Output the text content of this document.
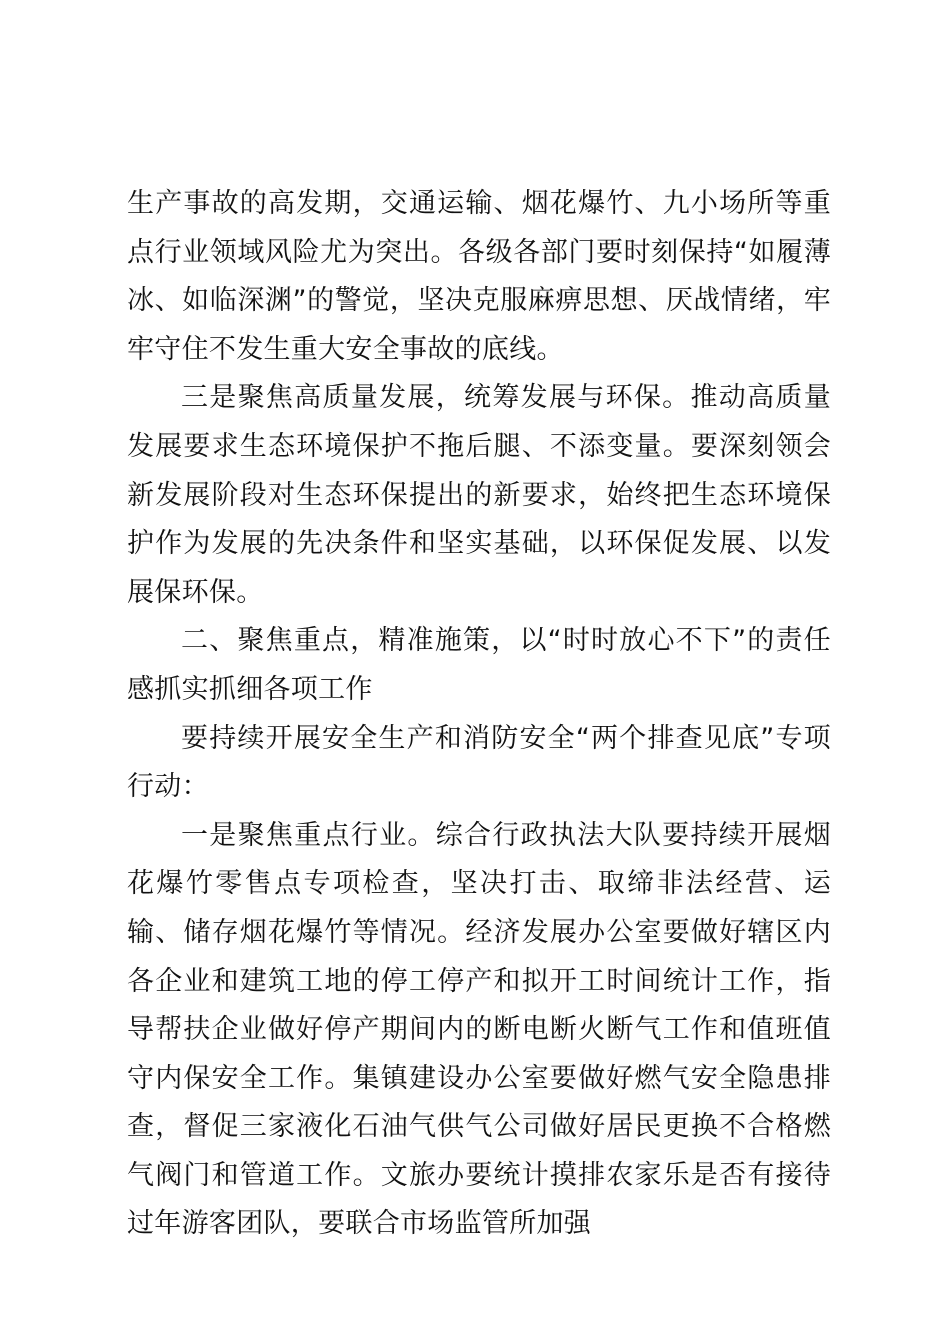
生产事故的高发期，交通运输、烟花爆竹、九小场所等重点行业领域风险尤为突出。各级各部门要时刻保持“如履薄冰、如临深渊”的警觉，坚决克服麻痹思想、厌战情绪，牢牢守住不发生重大安全事故的底线。

三是聚焦高质量发展，统筹发展与环保。推动高质量发展要求生态环境保护不拖后腿、不添变量。要深刻领会新发展阶段对生态环保提出的新要求，始终把生态环境保护作为发展的先决条件和坚实基础，以环保促发展、以发展保环保。

二、聚焦重点，精准施策，以“时时放心不下”的责任感抓实抓细各项工作

要持续开展安全生产和消防安全“两个排查见底”专项行动：

一是聚焦重点行业。综合行政执法大队要持续开展烟花爆竹零售点专项检查，坚决打击、取缔非法经营、运输、储存烟花爆竹等情况。经济发展办公室要做好辖区内各企业和建筑工地的停工停产和拟开工时间统计工作，指导帮扶企业做好停产期间内的断电断火断气工作和值班值守内保安全工作。集镇建设办公室要做好燃气安全隐患排查，督促三家液化石油气供气公司做好居民更换不合格燃气阀门和管道工作。文旅办要统计摸排农家乐是否有接待过年游客团队，要联合市场监管所加强
